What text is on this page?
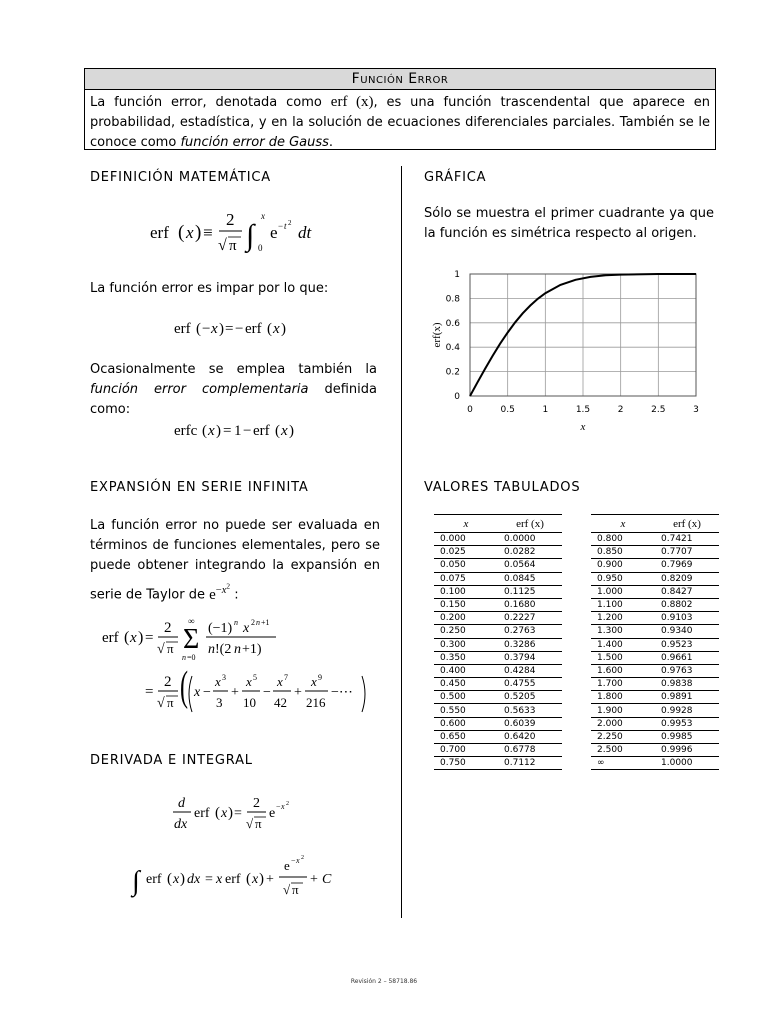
Función Error
La función error, denotada como erf (x), es una función trascendental que aparece en probabilidad, estadística, y en la solución de ecuaciones diferenciales parciales. También se le conoce como función error de Gauss.
DEFINICIÓN MATEMÁTICA
erf ( x ) ≡
2
√ π ∫
x
0
e − t 2 dt
La función error es impar por lo que:
erf ( − x ) = − erf ( x )
Ocasionalmente se emplea también la función error complementaria definida como:
erfc ( x ) = 1 − erf ( x )
EXPANSIÓN EN SERIE INFINITA
La función error no puede ser evaluada en términos de funciones elementales, pero se puede obtener integrando la expansión en serie de Taylor de $e^{-x^2}$ :
erf ( x ) =
2
√ π Σ
∞
n =0
(−1) n x 2 n +1
n !(2 n +1)
=
2
√ π ( x −
x 3
3
+
x 5
10
−
x 7
42
+
x 9
216
−⋯
DERIVADA E INTEGRAL
d
dx
erf ( x ) =
2
√ π
e − x 2
∫ erf ( x ) dx = x erf ( x ) +
e − x 2
√ π
+ C
GRÁFICA
Sólo se muestra el primer cuadrante ya que la función es simétrica respecto al origen.
0	0.5	1	1.5	2	2.5	3
0
0.2
0.4
0.6
0.8
1
x
erf(x)
VALORES TABULADOS
x	erf (x)
0.000	0.0000
0.025	0.0282
0.050	0.0564
0.075	0.0845
0.100	0.1125
0.150	0.1680
0.200	0.2227
0.250	0.2763
0.300	0.3286
0.350	0.3794
0.400	0.4284
0.450	0.4755
0.500	0.5205
0.550	0.5633
0.600	0.6039
0.650	0.6420
0.700	0.6778
0.750	0.7112
x	erf (x)
0.800	0.7421
0.850	0.7707
0.900	0.7969
0.950	0.8209
1.000	0.8427
1.100	0.8802
1.200	0.9103
1.300	0.9340
1.400	0.9523
1.500	0.9661
1.600	0.9763
1.700	0.9838
1.800	0.9891
1.900	0.9928
2.000	0.9953
2.250	0.9985
2.500	0.9996
∞	1.0000
Revisión 2 – 58718.86
